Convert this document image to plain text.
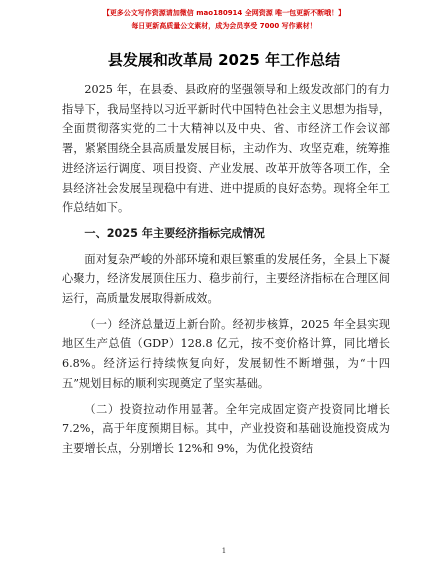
【更多公文写作资源请加微信 mao180914 全网资源 唯一包更新不断哦！】
每日更新高质量公文素材，成为会员享受 7000 写作素材！
县发展和改革局 2025 年工作总结

2025 年，在县委、县政府的坚强领导和上级发改部门的有力指导下，我局坚持以习近平新时代中国特色社会主义思想为指导，全面贯彻落实党的二十大精神以及中央、省、市经济工作会议部署，紧紧围绕全县高质量发展目标，主动作为、攻坚克难，统筹推进经济运行调度、项目投资、产业发展、改革开放等各项工作，全县经济社会发展呈现稳中有进、进中提质的良好态势。现将全年工作总结如下。

一、2025 年主要经济指标完成情况

面对复杂严峻的外部环境和艰巨繁重的发展任务，全县上下凝心聚力，经济发展顶住压力、稳步前行，主要经济指标在合理区间运行，高质量发展取得新成效。

（一）经济总量迈上新台阶。经初步核算，2025 年全县实现地区生产总值（GDP）128.8 亿元，按不变价格计算，同比增长 6.8%。经济运行持续恢复向好，发展韧性不断增强，为“十四五”规划目标的顺利实现奠定了坚实基础。

（二）投资拉动作用显著。全年完成固定资产投资同比增长 7.2%，高于年度预期目标。其中，产业投资和基础设施投资成为主要增长点，分别增长 12%和 9%，为优化投资结

1
